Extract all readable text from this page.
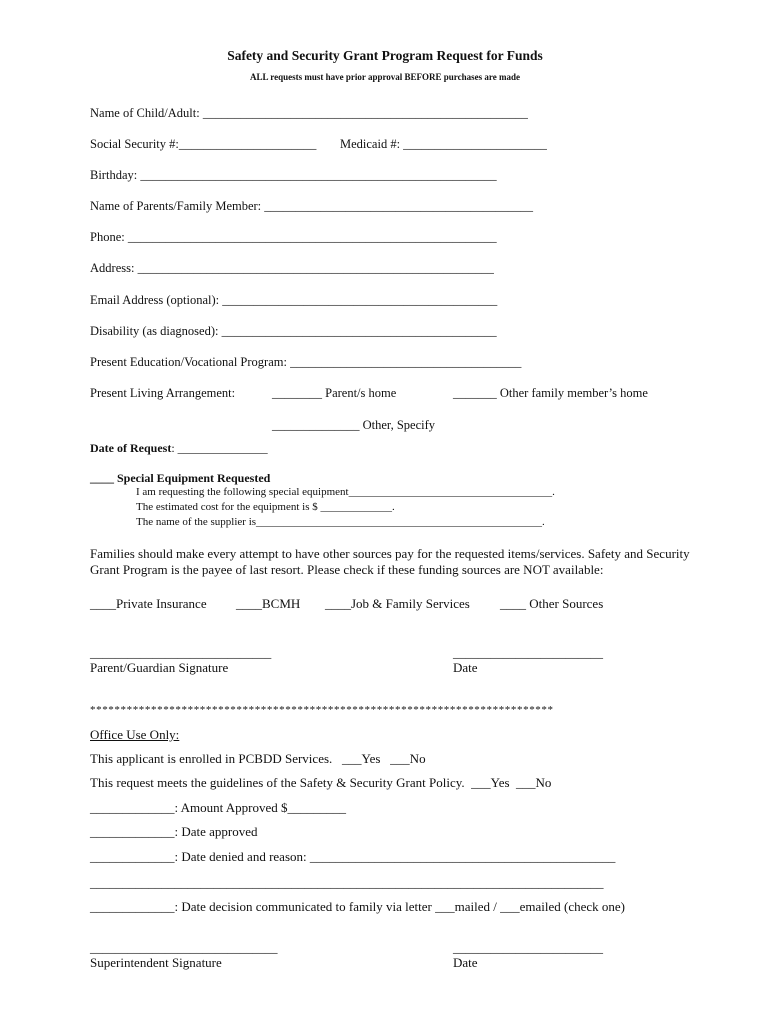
Safety and Security Grant Program Request for Funds
ALL requests must have prior approval BEFORE purchases are made
Name of Child/Adult: ____________________________________________________
Social Security #:______________________ Medicaid #: _______________________
Birthday: _________________________________________________________
Name of Parents/Family Member: ___________________________________________
Phone: ___________________________________________________________
Address: _________________________________________________________
Email Address (optional): ____________________________________________
Disability (as diagnosed): ____________________________________________
Present Education/Vocational Program: _____________________________________
Present Living Arrangement:	________ Parent/s home	_______ Other family member’s home
______________ Other, Specify
Date of Request: _______________
____ Special Equipment Requested
I am requesting the following special equipment_____________________________________.
The estimated cost for the equipment is $ _____________.
The name of the supplier is____________________________________________________.
Families should make every attempt to have other sources pay for the requested items/services. Safety and Security Grant Program is the payee of last resort. Please check if these funding sources are NOT available:
____Private Insurance ____BCMH ____Job & Family Services ____ Other Sources
_____________________________	________________________
Parent/Guardian Signature	Date
****************************************************************************
Office Use Only:
This applicant is enrolled in PCBDD Services.   ___Yes   ___No
This request meets the guidelines of the Safety & Security Grant Policy.  ___Yes  ___No
_____________: Amount Approved $_________
_____________: Date approved
_____________: Date denied and reason: _______________________________________________
_______________________________________________________________________________
_____________: Date decision communicated to family via letter ___mailed / ___emailed (check one)
______________________________	________________________
Superintendent Signature	Date
